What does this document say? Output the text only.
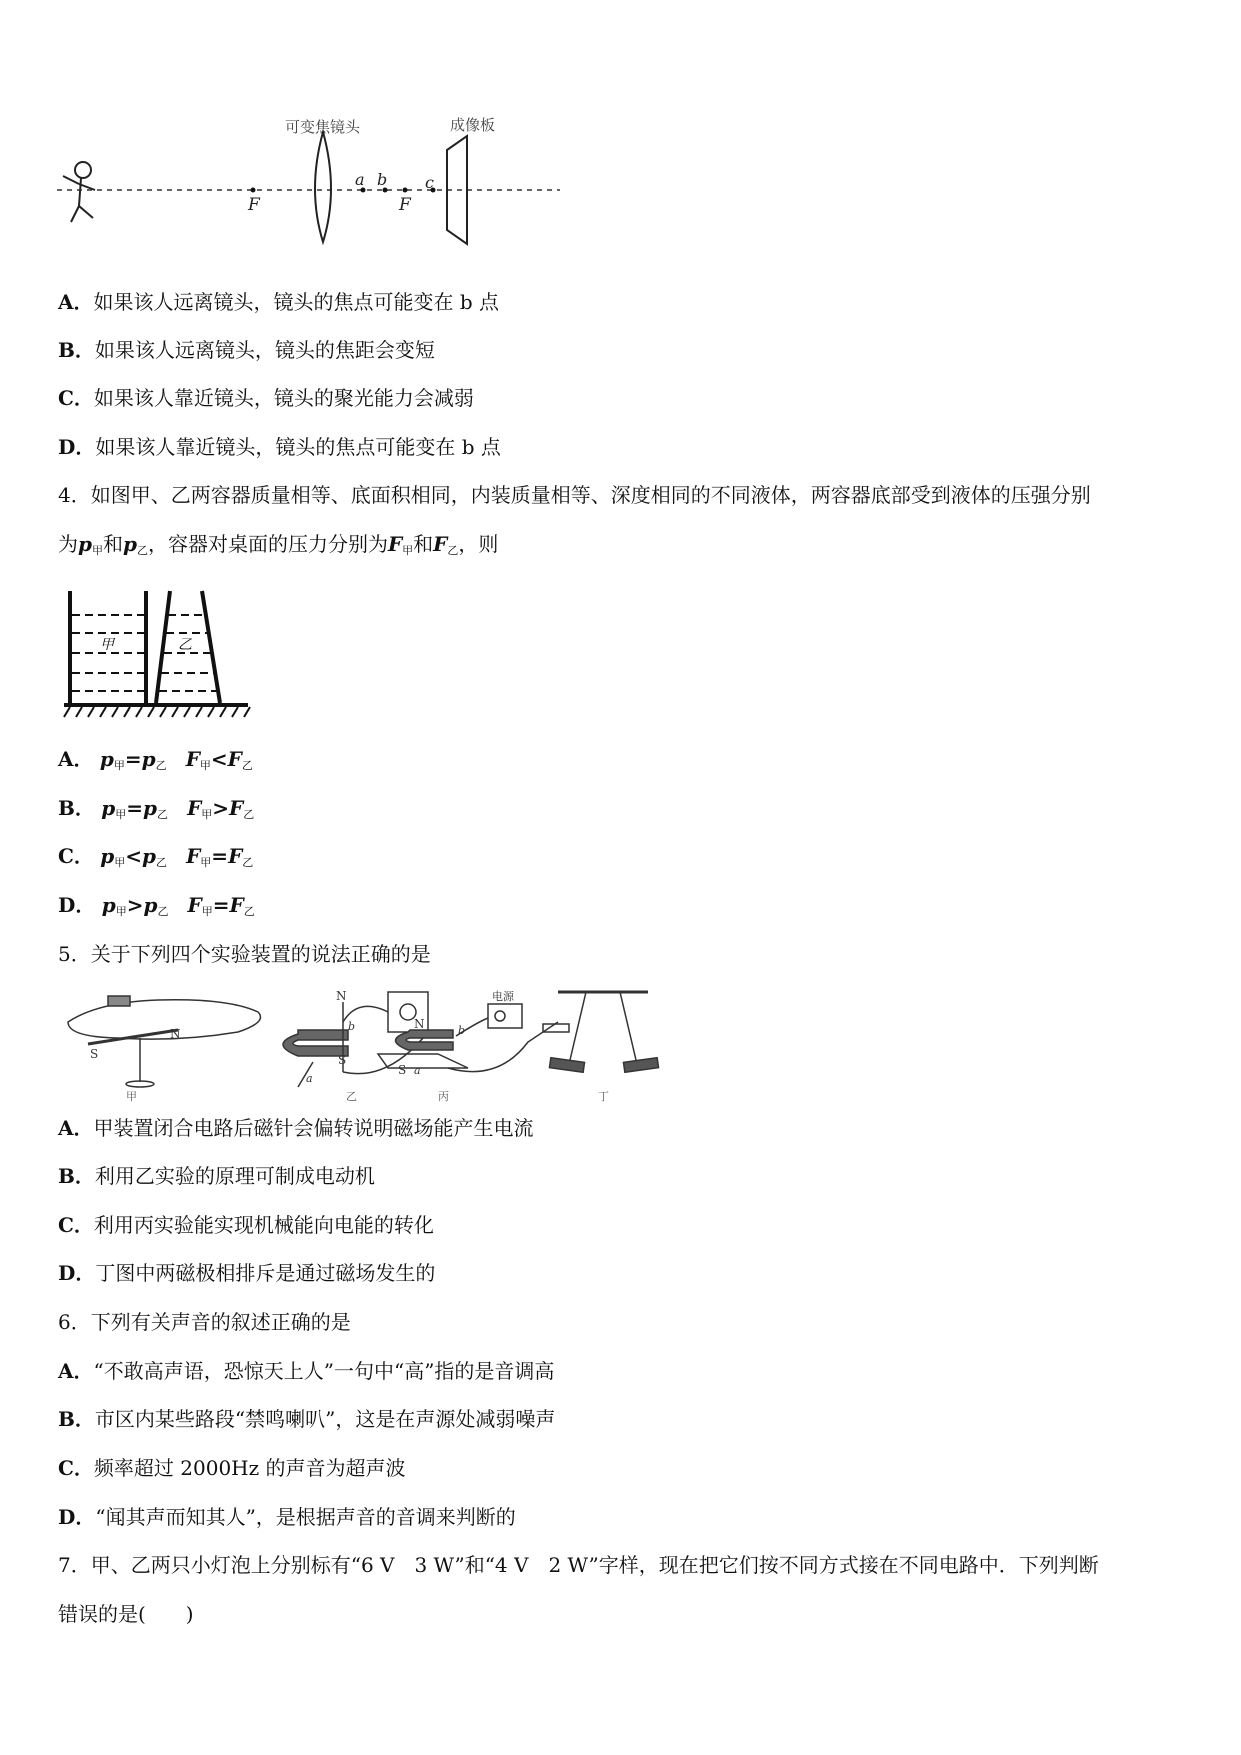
F	F
可变焦镜头
a b c
成像板
A．如果该人远离镜头，镜头的焦点可能变在 b 点
B．如果该人远离镜头，镜头的焦距会变短
C．如果该人靠近镜头，镜头的聚光能力会减弱
D．如果该人靠近镜头，镜头的焦点可能变在 b 点
4．如图甲、乙两容器质量相等、底面积相同，内装质量相等、深度相同的不同液体，两容器底部受到液体的压强分别
为$p_甲$和$p_乙$，容器对桌面的压力分别为$F_甲$和$F_乙$，则
甲	乙
A． $p_甲=p_乙$ $F_甲<F_乙$
B． $p_甲=p_乙$ $F_甲>F_乙$
C． $p_甲<p_乙$ $F_甲=F_乙$
D． $p_甲>p_乙$ $F_甲=F_乙$
5．关于下列四个实验装置的说法正确的是
S
N
甲
N
b
S
a
乙
电源
N	b
S a
丙	丁
A．甲装置闭合电路后磁针会偏转说明磁场能产生电流
B．利用乙实验的原理可制成电动机
C．利用丙实验能实现机械能向电能的转化
D．丁图中两磁极相排斥是通过磁场发生的
6．下列有关声音的叙述正确的是
A．“不敢高声语，恐惊天上人”一句中“高”指的是音调高
B．市区内某些路段“禁鸣喇叭”，这是在声源处减弱噪声
C．频率超过 2000Hz 的声音为超声波
D．“闻其声而知其人”，是根据声音的音调来判断的
7．甲、乙两只小灯泡上分别标有“6 V　3 W”和“4 V　2 W”字样，现在把它们按不同方式接在不同电路中．下列判断
错误的是(　　)
